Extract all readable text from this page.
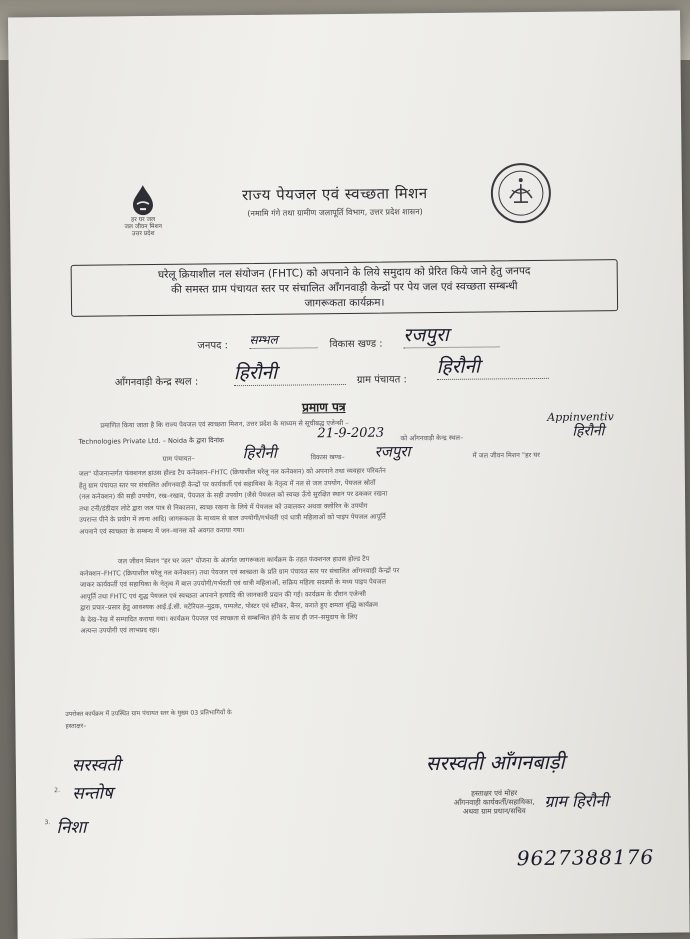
हर घर जल
जल जीवन मिशन
उत्तर प्रदेश
राज्य पेयजल एवं स्वच्छता मिशन
(नमामि गंगे तथा ग्रामीण जलापूर्ति विभाग, उत्तर प्रदेश शासन)
घरेलू क्रियाशील नल संयोजन (FHTC) को अपनाने के लिये समुदाय को प्रेरित किये जाने हेतु जनपद
की समस्त ग्राम पंचायत स्तर पर संचालित आँगनवाड़ी केन्द्रों पर पेय जल एवं स्वच्छता सम्बन्धी
जागरूकता कार्यक्रम।
जनपद : सम्भल	विकास खण्ड : रजपुरा
आँगनवाड़ी केन्द्र स्थल : हिरौनी	ग्राम पंचायत :
हिरौनी
प्रमाण पत्र
प्रमाणित किया जाता है कि राज्य पेयजल एवं स्वच्छता मिशन, उत्तर प्रदेश के माध्यम से सूचीबद्ध एजेन्सी –
Appinventiv
Technologies Private Ltd. – Noida के द्वारा दिनांक	21-9-2023 को आँगनवाड़ी केन्द्र स्थल–	हिरौनी
ग्राम पंचायत–	हिरौनी	विकास खण्ड–	रजपुरा	में जल जीवन मिशन "हर घर
जल" योजनान्तर्गत फंक्शनल हाउस होल्ड टैप कनेक्शन–FHTC (क्रियाशील घरेलू नल कनेक्शन) को अपनाने तथा व्यवहार परिवर्तन
हेतु ग्राम पंचायत स्तर पर संचालित आँगनवाड़ी केन्द्रों पर कार्यकर्ती एवं सहायिका के नेतृत्व में नल से जल उपयोग, पेयजल स्रोतों
(नल कनेक्शन) की सही उपयोग, रख–रखाव, पेयजल के सही उपयोग (जैसे पेयजल को स्वच्छ ऊँचे सुरक्षित स्थान पर ढककर रखना
तथा टनी/डंडीदार लोटे द्वारा जल पात्र से निकालना, स्वच्छ रखना के लिये में पेयजल को उबालकर अथवा क्लोरिन के उपयोग
उपरान्त पीने के प्रयोग में लाना आदि) जागरूकता के माध्यम से बाल उपयोगी/गर्भवती एवं धात्री महिलाओं को पाइप पेयजल आपूर्ति
अपनाने एवं स्वच्छता के सम्बन्ध में जन–मानस को अवगत कराया गया।
जल जीवन मिशन "हर घर जल" योजना के अंतर्गत जागरूकता कार्यक्रम के तहत फंक्शनल हाउस होल्ड टैप
कनेक्शन–FHTC (क्रियाशील घरेलू नल कनेक्शन) तथा पेयजल एवं स्वच्छता के प्रति ग्राम पंचायत स्तर पर संचालित आँगनवाड़ी केन्द्रों पर
जाकर कार्यकर्ती एवं सहायिका के नेतृत्व में बाल उपयोगी/गर्भवती एवं धात्री महिलाओं, सक्रिय महिला सदस्यों के मध्य पाइप पेयजल
आपूर्ति तथा FHTC एवं शुद्ध पेयजल एवं स्वच्छता अपनाने इत्यादि की जानकारी प्रदान की गई। कार्यक्रम के दौरान एजेन्सी
द्वारा प्रचार–प्रसार हेतु आवश्यक आई.ई.सी. मटेरियल–मुद्रक, पम्पलेट, पोस्टर एवं स्टीकर, बैनर, कराते हुए क्षमता वृद्धि कार्यक्रम
के देख–रेख में सम्पादित कराया गया। कार्यक्रम पेयजल एवं स्वच्छता से सम्बन्धित होने के साथ ही जन–समुदाय के लिए
अत्यन्त उपयोगी एवं लाभप्रद रहा।
उपरोक्त कार्यक्रम में उपस्थित ग्राम पंचायत स्तर के मुख्य 03 प्रतिभागियों के
हस्ताक्षर–
सरस्वती
2. सन्तोष
3. निशा
सरस्वती आँगनबाड़ी
हस्ताक्षर एवं मोहर
आँगनवाड़ी कार्यकर्ती/सहायिका,
अथवा ग्राम प्रधान/सचिव
ग्राम हिरौनी
9627388176
